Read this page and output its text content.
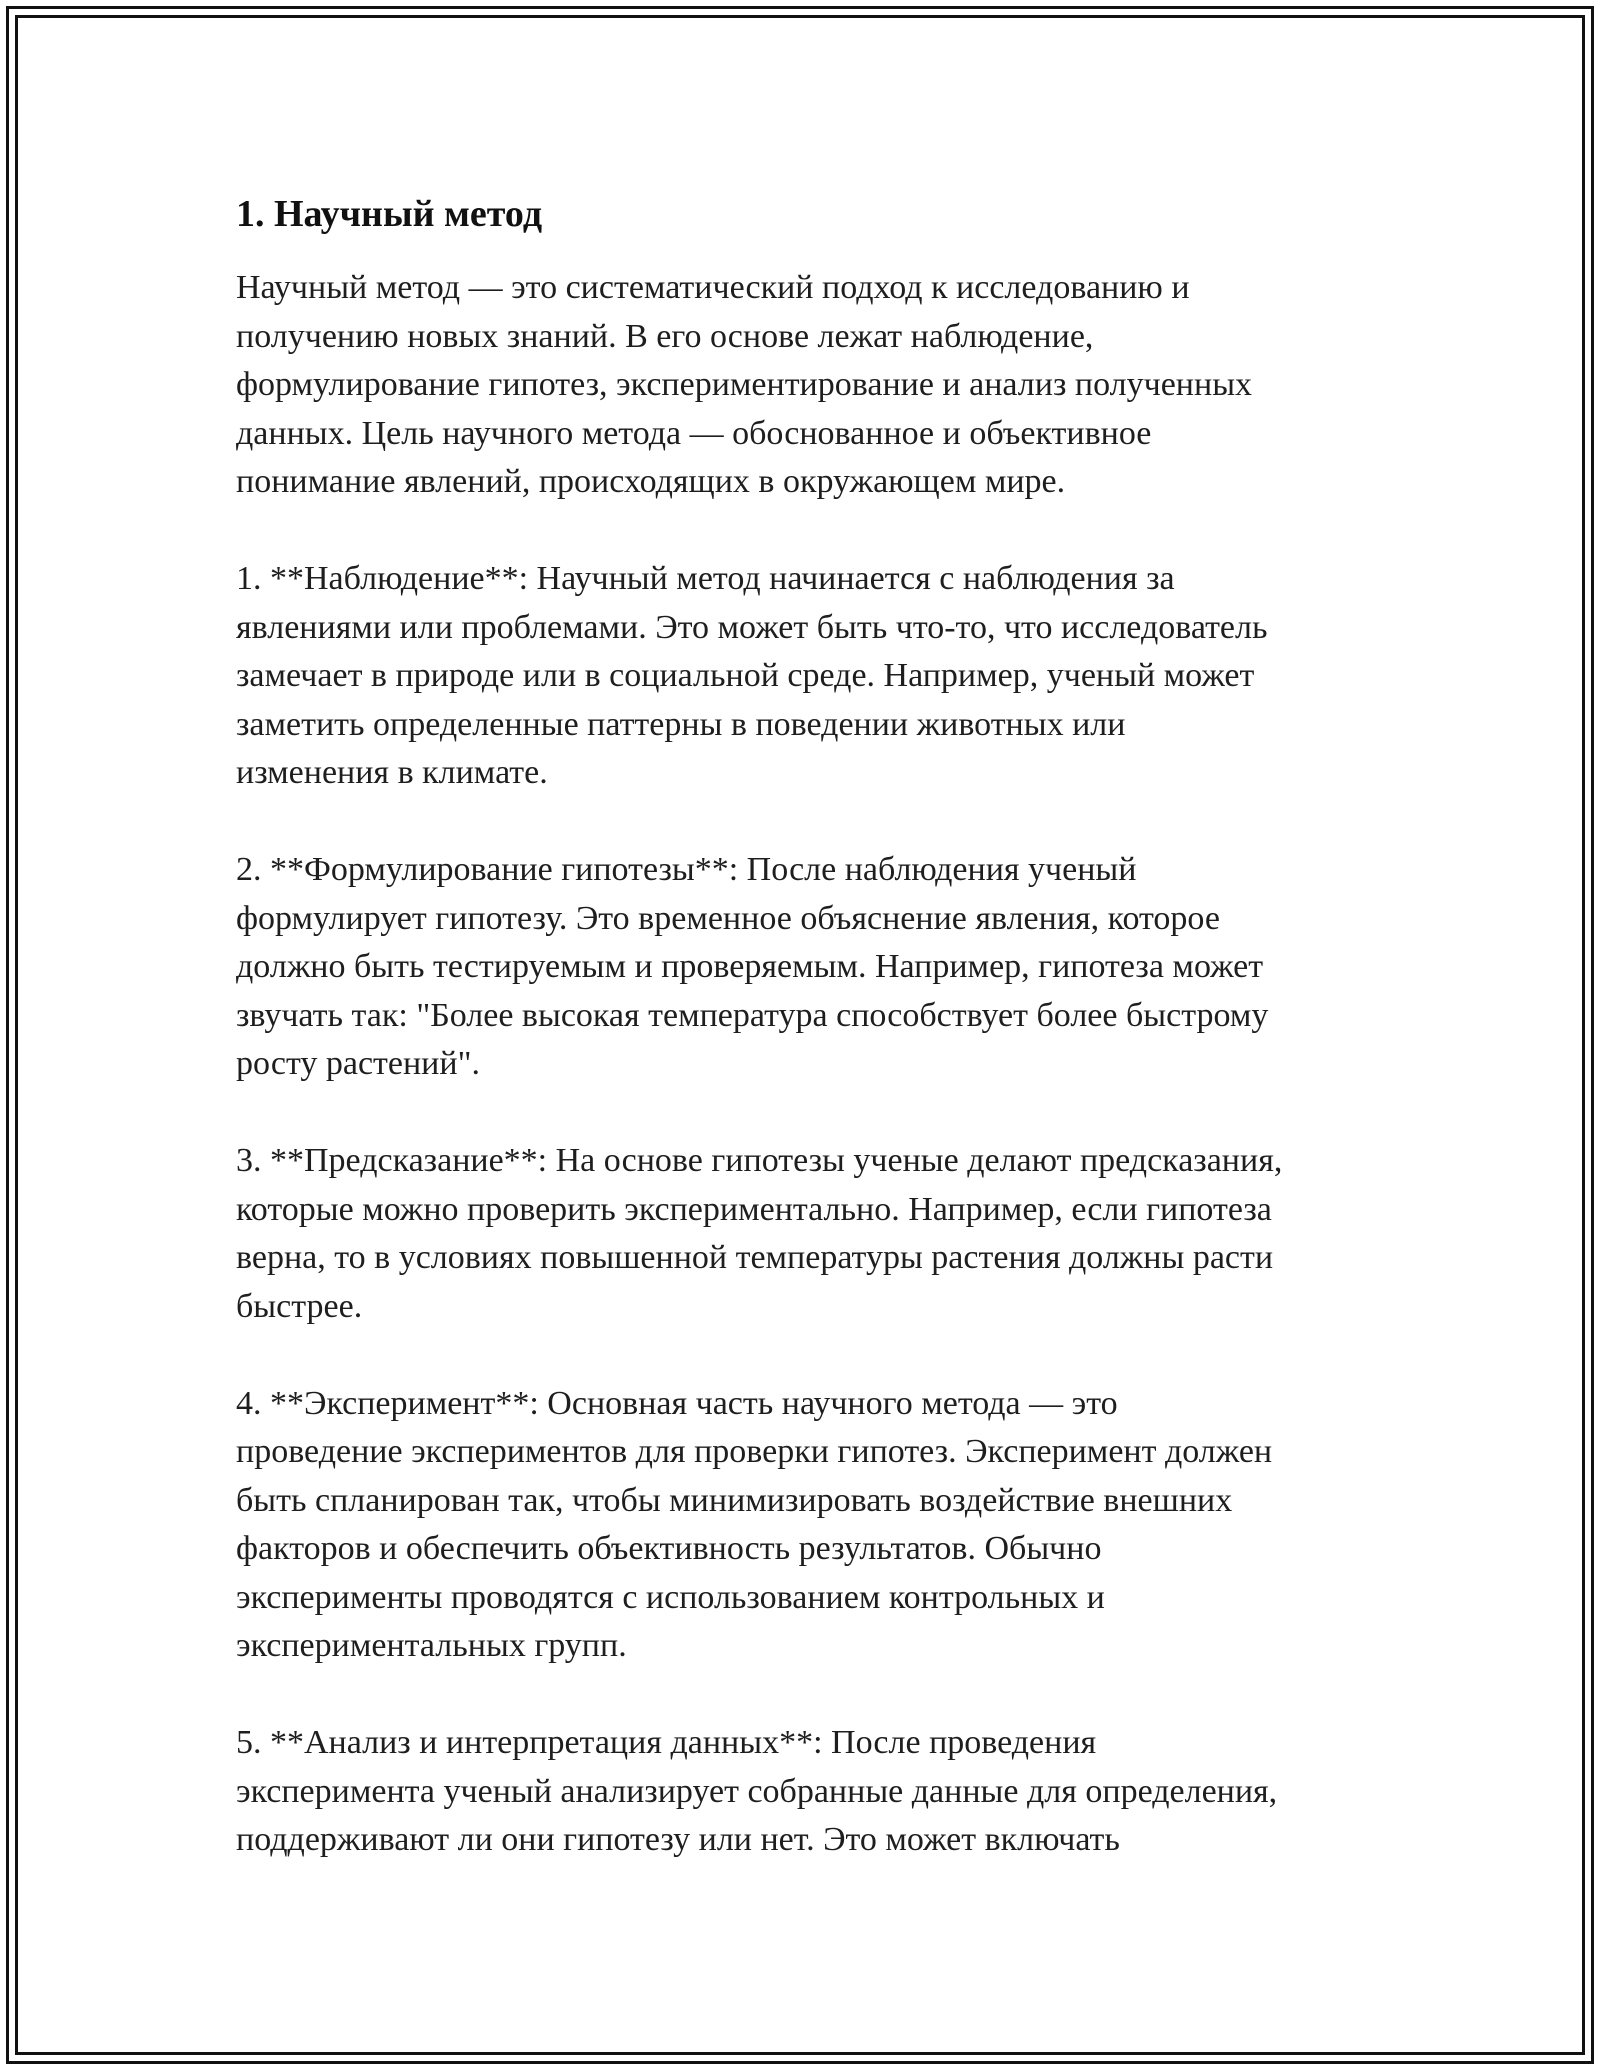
1. Научный метод

Научный метод — это систематический подход к исследованию и
получению новых знаний. В его основе лежат наблюдение,
формулирование гипотез, экспериментирование и анализ полученных
данных. Цель научного метода — обоснованное и объективное
понимание явлений, происходящих в окружающем мире.

1. **Наблюдение**: Научный метод начинается с наблюдения за
явлениями или проблемами. Это может быть что-то, что исследователь
замечает в природе или в социальной среде. Например, ученый может
заметить определенные паттерны в поведении животных или
изменения в климате.

2. **Формулирование гипотезы**: После наблюдения ученый
формулирует гипотезу. Это временное объяснение явления, которое
должно быть тестируемым и проверяемым. Например, гипотеза может
звучать так: "Более высокая температура способствует более быстрому
росту растений".

3. **Предсказание**: На основе гипотезы ученые делают предсказания,
которые можно проверить экспериментально. Например, если гипотеза
верна, то в условиях повышенной температуры растения должны расти
быстрее.

4. **Эксперимент**: Основная часть научного метода — это
проведение экспериментов для проверки гипотез. Эксперимент должен
быть спланирован так, чтобы минимизировать воздействие внешних
факторов и обеспечить объективность результатов. Обычно
эксперименты проводятся с использованием контрольных и
экспериментальных групп.

5. **Анализ и интерпретация данных**: После проведения
эксперимента ученый анализирует собранные данные для определения,
поддерживают ли они гипотезу или нет. Это может включать
